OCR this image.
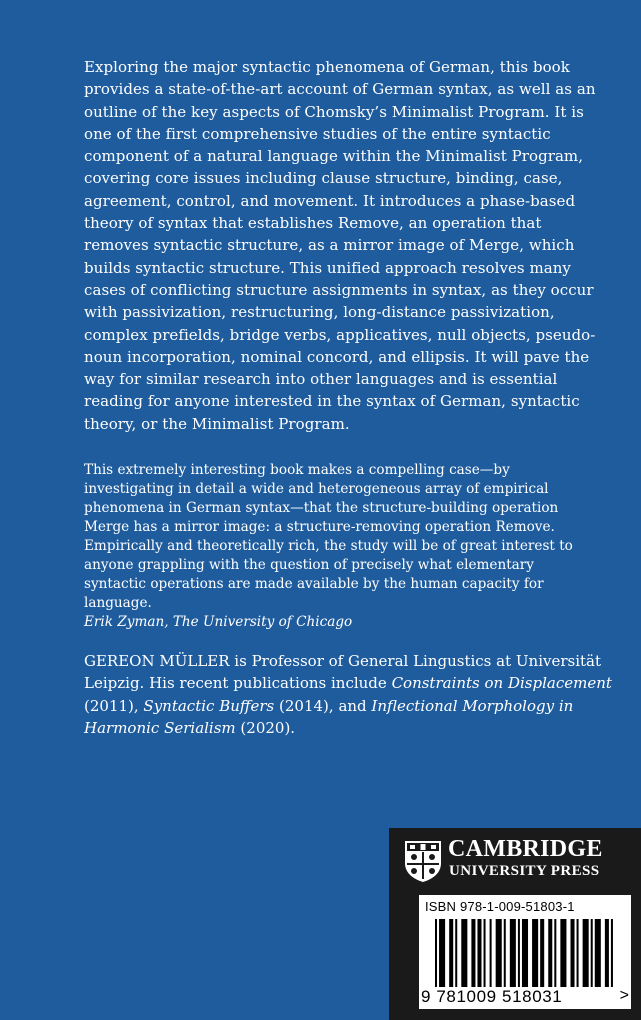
Exploring the major syntactic phenomena of German, this book provides a state-of-the-art account of German syntax, as well as an outline of the key aspects of Chomsky’s Minimalist Program. It is one of the first comprehensive studies of the entire syntactic component of a natural language within the Minimalist Program, covering core issues including clause structure, binding, case, agreement, control, and movement. It introduces a phase-based theory of syntax that establishes Remove, an operation that removes syntactic structure, as a mirror image of Merge, which builds syntactic structure. This unified approach resolves many cases of conflicting structure assignments in syntax, as they occur with passivization, restructuring, long-distance passivization, complex prefields, bridge verbs, applicatives, null objects, pseudo-noun incorporation, nominal concord, and ellipsis. It will pave the way for similar research into other languages and is essential reading for anyone interested in the syntax of German, syntactic theory, or the Minimalist Program.

This extremely interesting book makes a compelling case—by investigating in detail a wide and heterogeneous array of empirical phenomena in German syntax—that the structure-building operation Merge has a mirror image: a structure-removing operation Remove. Empirically and theoretically rich, the study will be of great interest to anyone grappling with the question of precisely what elementary syntactic operations are made available by the human capacity for language.
Erik Zyman, The University of Chicago

GEREON MÜLLER is Professor of General Lingustics at Universität Leipzig. His recent publications include Constraints on Displacement (2011), Syntactic Buffers (2014), and Inflectional Morphology in Harmonic Serialism (2020).

CAMBRIDGE
UNIVERSITY PRESS
ISBN 978-1-009-51803-1
9 781009 518031	>
